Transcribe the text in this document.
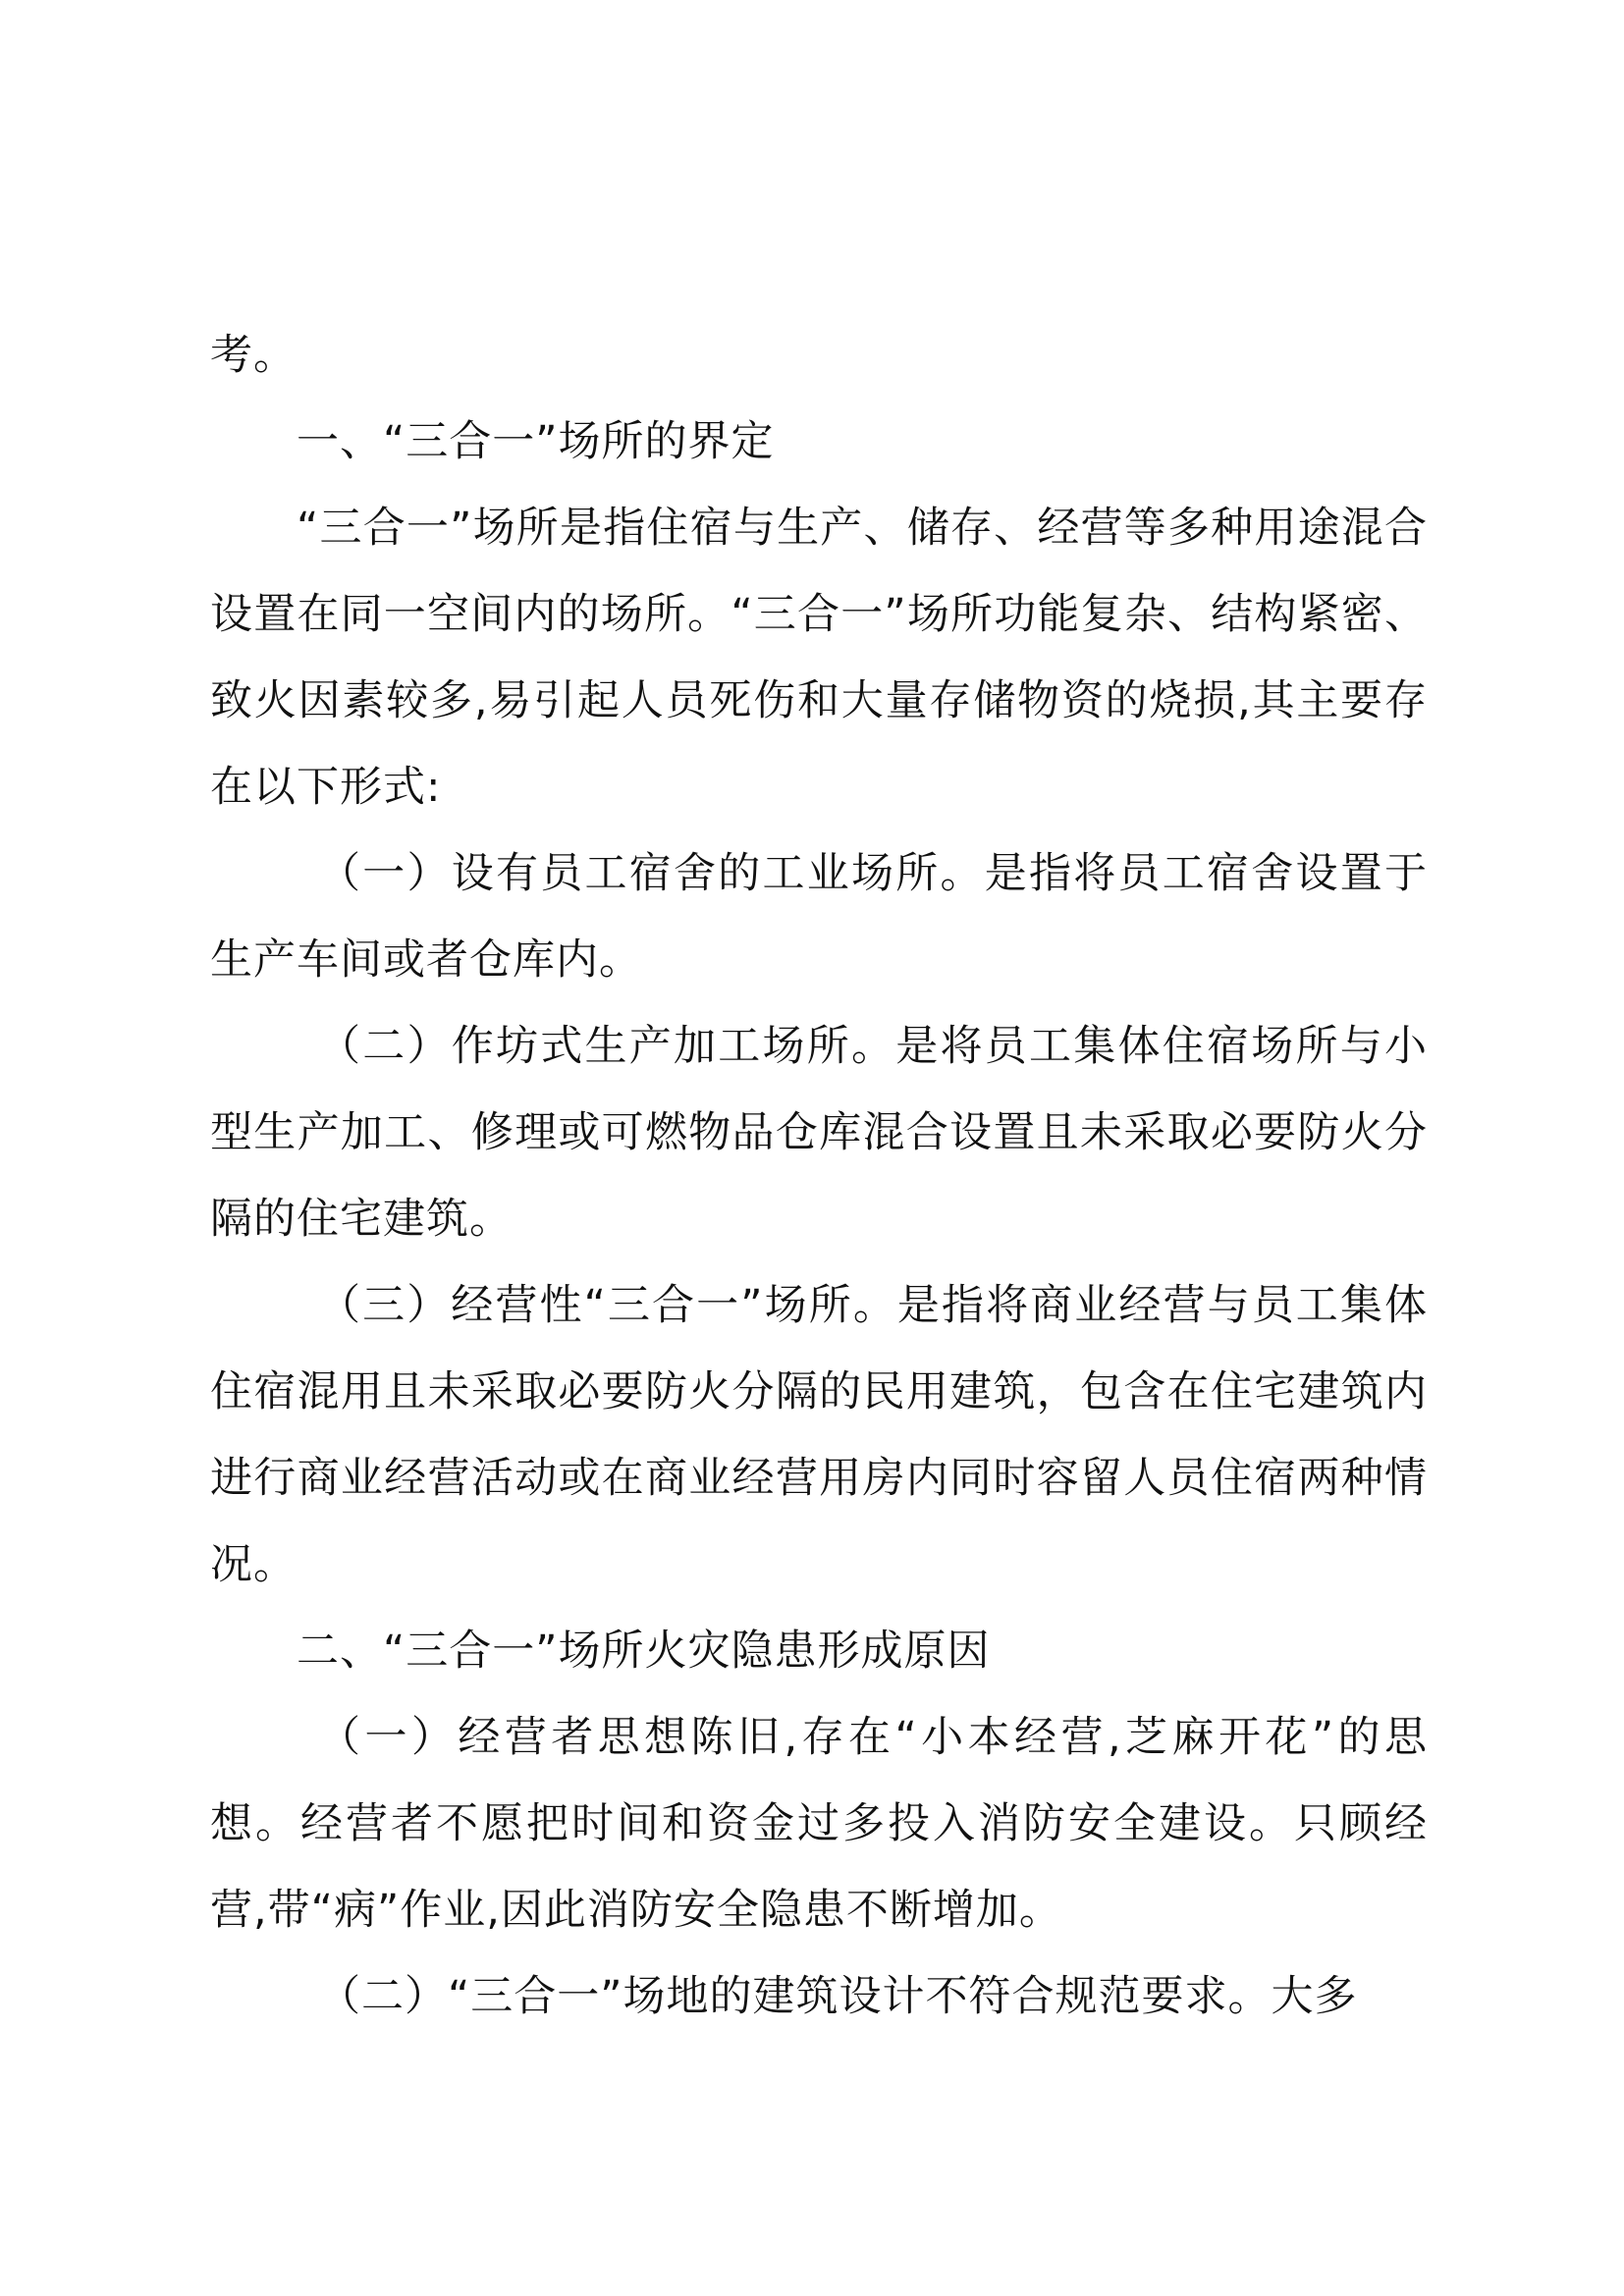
考。

一、“三合一”场所的界定

“三合一”场所是指住宿与生产、储存、经营等多种用途混合设置在同一空间内的场所。“三合一”场所功能复杂、结构紧密、致火因素较多,易引起人员死伤和大量存储物资的烧损,其主要存在以下形式:

（一）设有员工宿舍的工业场所。是指将员工宿舍设置于生产车间或者仓库内。

（二）作坊式生产加工场所。是将员工集体住宿场所与小型生产加工、修理或可燃物品仓库混合设置且未采取必要防火分隔的住宅建筑。

（三）经营性“三合一”场所。是指将商业经营与员工集体住宿混用且未采取必要防火分隔的民用建筑，包含在住宅建筑内进行商业经营活动或在商业经营用房内同时容留人员住宿两种情况。

二、“三合一”场所火灾隐患形成原因

（一）经营者思想陈旧,存在“小本经营,芝麻开花”的思想。经营者不愿把时间和资金过多投入消防安全建设。只顾经营,带“病”作业,因此消防安全隐患不断增加。

（二）“三合一”场地的建筑设计不符合规范要求。大多
